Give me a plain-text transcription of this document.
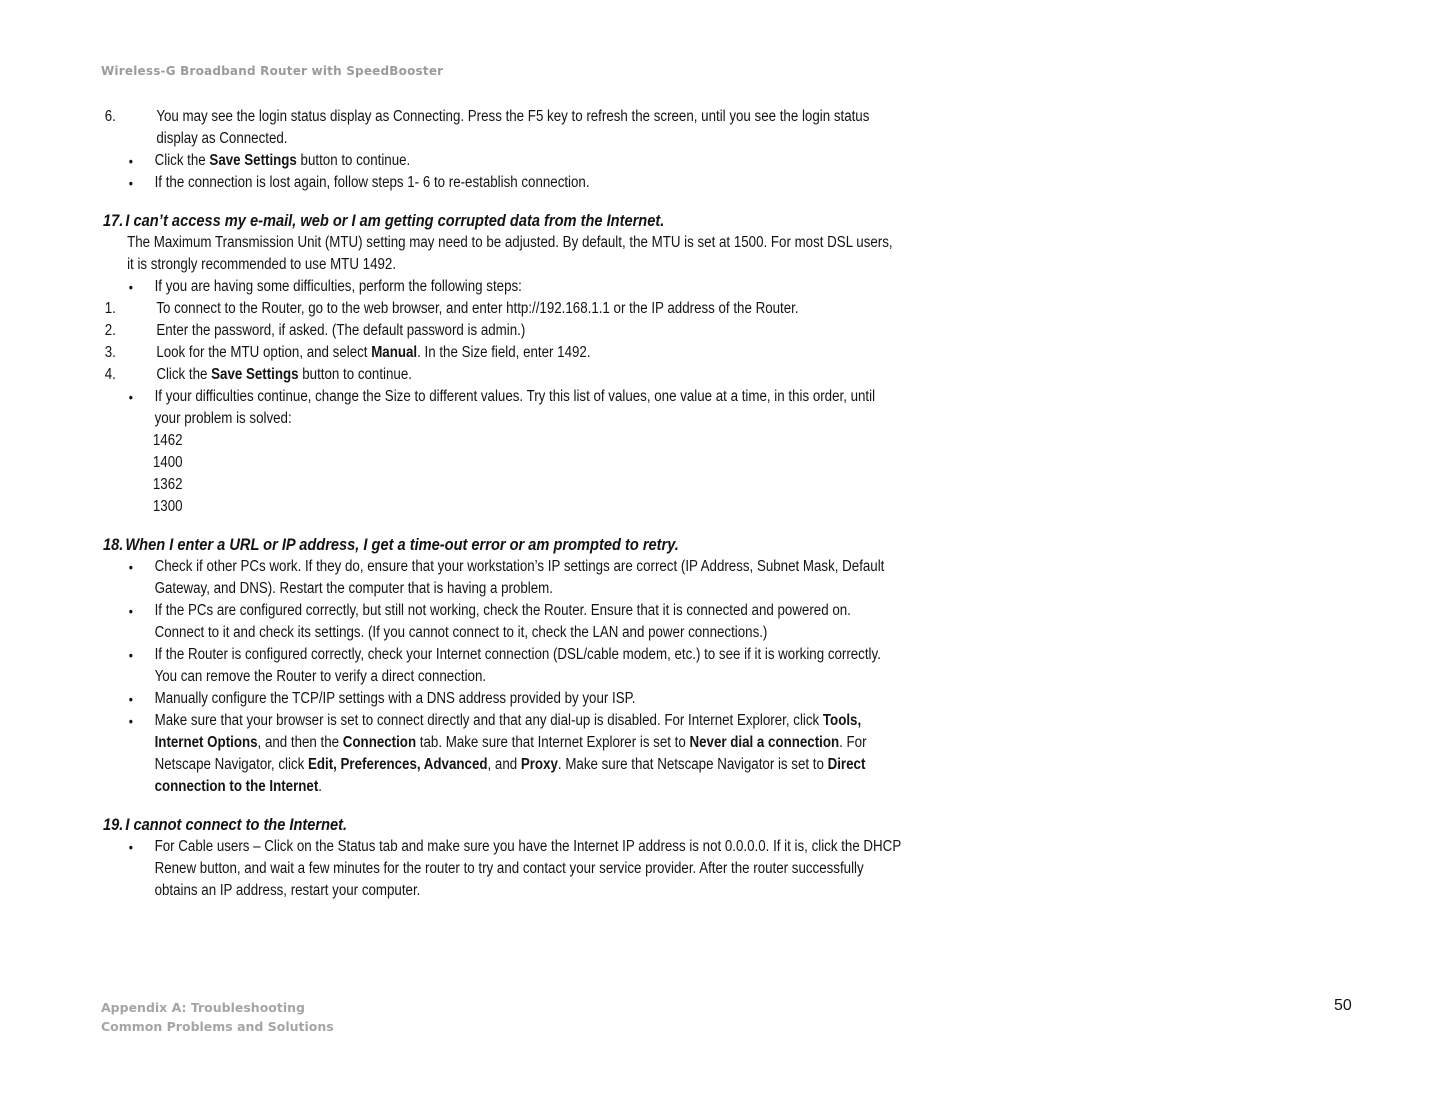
Wireless-G Broadband Router with SpeedBooster
6.	You may see the login status display as Connecting. Press the F5 key to refresh the screen, until you see the login status display as Connected.
• Click the Save Settings button to continue.
• If the connection is lost again, follow steps 1- 6 to re-establish connection.
17. I can’t access my e-mail, web or I am getting corrupted data from the Internet.
The Maximum Transmission Unit (MTU) setting may need to be adjusted. By default, the MTU is set at 1500. For most DSL users, it is strongly recommended to use MTU 1492.
• If you are having some difficulties, perform the following steps:
1.	To connect to the Router, go to the web browser, and enter http://192.168.1.1 or the IP address of the Router.
2.	Enter the password, if asked. (The default password is admin.)
3.	Look for the MTU option, and select Manual. In the Size field, enter 1492.
4.	Click the Save Settings button to continue.
• If your difficulties continue, change the Size to different values. Try this list of values, one value at a time, in this order, until your problem is solved:
1462
1400
1362
1300
18. When I enter a URL or IP address, I get a time-out error or am prompted to retry.
• Check if other PCs work. If they do, ensure that your workstation’s IP settings are correct (IP Address, Subnet Mask, Default Gateway, and DNS). Restart the computer that is having a problem.
• If the PCs are configured correctly, but still not working, check the Router. Ensure that it is connected and powered on. Connect to it and check its settings. (If you cannot connect to it, check the LAN and power connections.)
• If the Router is configured correctly, check your Internet connection (DSL/cable modem, etc.) to see if it is working correctly. You can remove the Router to verify a direct connection.
• Manually configure the TCP/IP settings with a DNS address provided by your ISP.
• Make sure that your browser is set to connect directly and that any dial-up is disabled. For Internet Explorer, click Tools, Internet Options, and then the Connection tab. Make sure that Internet Explorer is set to Never dial a connection. For Netscape Navigator, click Edit, Preferences, Advanced, and Proxy. Make sure that Netscape Navigator is set to Direct connection to the Internet.
19. I cannot connect to the Internet.
• For Cable users – Click on the Status tab and make sure you have the Internet IP address is not 0.0.0.0. If it is, click the DHCP Renew button, and wait a few minutes for the router to try and contact your service provider. After the router successfully obtains an IP address, restart your computer.
Appendix A: Troubleshooting
Common Problems and Solutions
50
